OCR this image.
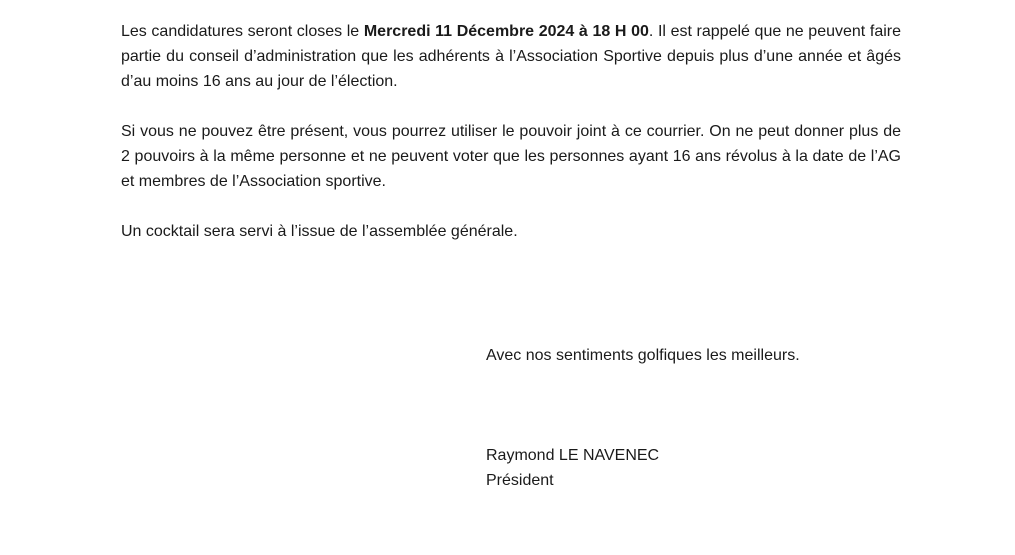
Les candidatures seront closes le Mercredi 11 Décembre 2024 à 18 H 00. Il est rappelé que ne peuvent faire partie du conseil d’administration que les adhérents à l’Association Sportive depuis plus d’une année et âgés d’au moins 16 ans au jour de l’élection.

Si vous ne pouvez être présent, vous pourrez utiliser le pouvoir joint à ce courrier. On ne peut donner plus de 2 pouvoirs à la même personne et ne peuvent voter que les personnes ayant 16 ans révolus à la date de l’AG et membres de l’Association sportive.

Un cocktail sera servi à l’issue de l’assemblée générale.

Avec nos sentiments golfiques les meilleurs.

Raymond LE NAVENEC

Président
